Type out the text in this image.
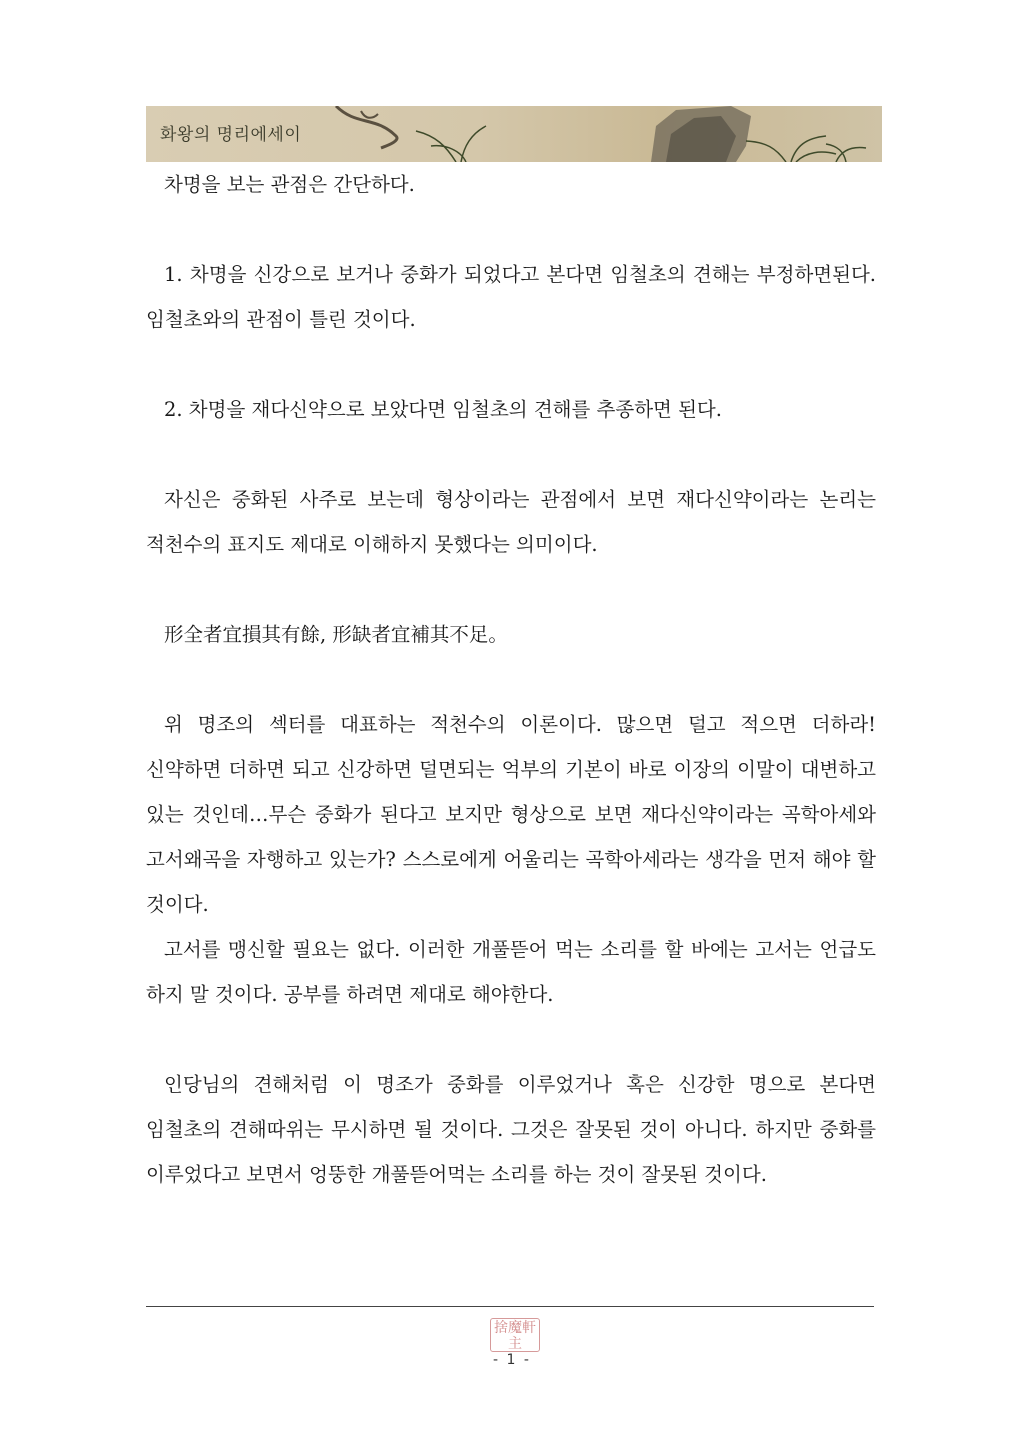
화왕의 명리에세이

차명을 보는 관점은 간단하다.

1. 차명을 신강으로 보거나 중화가 되었다고 본다면 임철초의 견해는 부정하면된다. 임철초와의 관점이 틀린 것이다.

2. 차명을 재다신약으로 보았다면 임철초의 견해를 추종하면 된다.

자신은 중화된 사주로 보는데 형상이라는 관점에서 보면 재다신약이라는 논리는 적천수의 표지도 제대로 이해하지 못했다는 의미이다.

形全者宜損其有餘, 形缺者宜補其不足。

위 명조의 섹터를 대표하는 적천수의 이론이다. 많으면 덜고 적으면 더하라! 신약하면 더하면 되고 신강하면 덜면되는 억부의 기본이 바로 이장의 이말이 대변하고 있는 것인데…무슨 중화가 된다고 보지만 형상으로 보면 재다신약이라는 곡학아세와 고서왜곡을 자행하고 있는가? 스스로에게 어울리는 곡학아세라는 생각을 먼저 해야 할 것이다.

고서를 맹신할 필요는 없다. 이러한 개풀뜯어 먹는 소리를 할 바에는 고서는 언급도 하지 말 것이다. 공부를 하려면 제대로 해야한다.

인당님의 견해처럼 이 명조가 중화를 이루었거나 혹은 신강한 명으로 본다면 임철초의 견해따위는 무시하면 될 것이다. 그것은 잘못된 것이 아니다. 하지만 중화를 이루었다고 보면서 엉뚱한 개풀뜯어먹는 소리를 하는 것이 잘못된 것이다.

捨魔軒主
- 1 -
